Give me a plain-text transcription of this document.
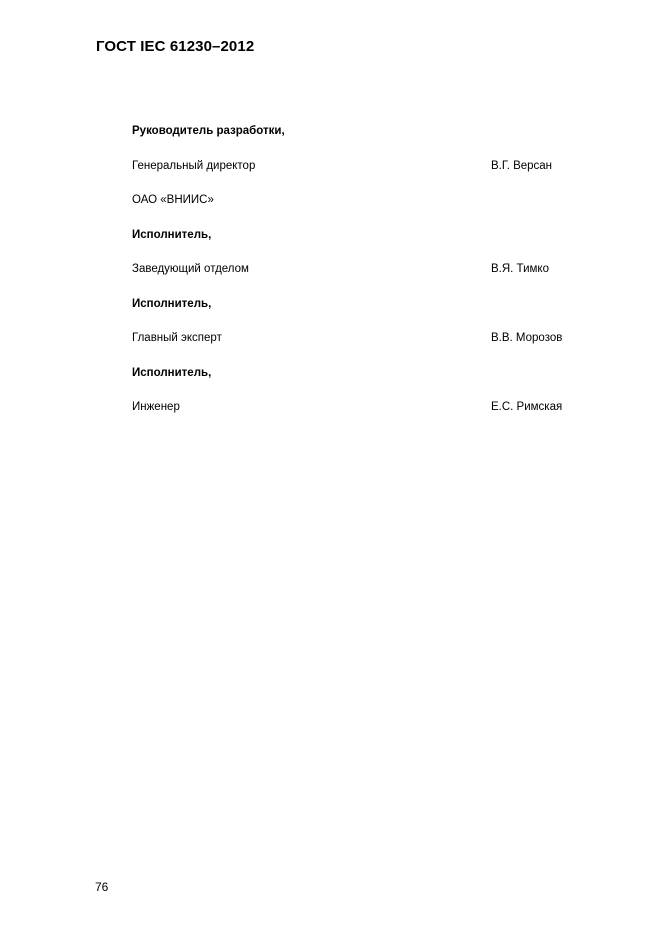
ГОСТ IEC 61230–2012
Руководитель разработки,
Генеральный директор	В.Г. Версан
ОАО «ВНИИС»
Исполнитель,
Заведующий отделом	В.Я. Тимко
Исполнитель,
Главный эксперт	В.В. Морозов
Исполнитель,
Инженер	Е.С. Римская
76
